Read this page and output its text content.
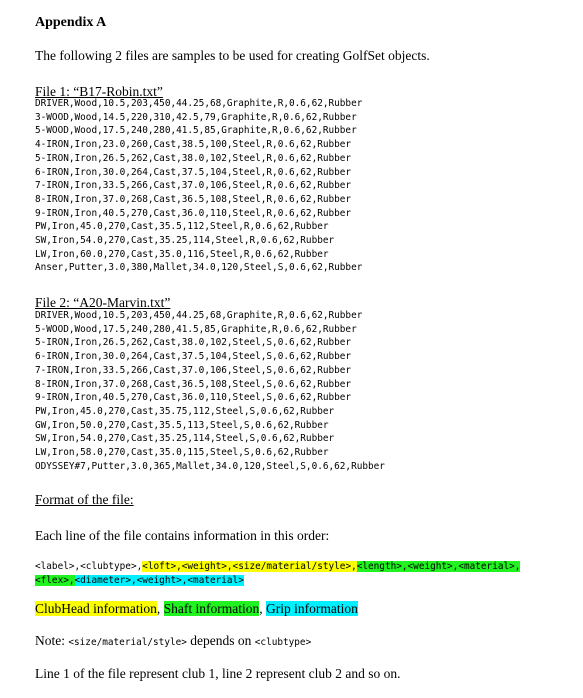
Appendix A
The following 2 files are samples to be used for creating GolfSet objects.
File 1: “B17-Robin.txt”
DRIVER,Wood,10.5,203,450,44.25,68,Graphite,R,0.6,62,Rubber
3-WOOD,Wood,14.5,220,310,42.5,79,Graphite,R,0.6,62,Rubber
5-WOOD,Wood,17.5,240,280,41.5,85,Graphite,R,0.6,62,Rubber
4-IRON,Iron,23.0,260,Cast,38.5,100,Steel,R,0.6,62,Rubber
5-IRON,Iron,26.5,262,Cast,38.0,102,Steel,R,0.6,62,Rubber
6-IRON,Iron,30.0,264,Cast,37.5,104,Steel,R,0.6,62,Rubber
7-IRON,Iron,33.5,266,Cast,37.0,106,Steel,R,0.6,62,Rubber
8-IRON,Iron,37.0,268,Cast,36.5,108,Steel,R,0.6,62,Rubber
9-IRON,Iron,40.5,270,Cast,36.0,110,Steel,R,0.6,62,Rubber
PW,Iron,45.0,270,Cast,35.5,112,Steel,R,0.6,62,Rubber
SW,Iron,54.0,270,Cast,35.25,114,Steel,R,0.6,62,Rubber
LW,Iron,60.0,270,Cast,35.0,116,Steel,R,0.6,62,Rubber
Anser,Putter,3.0,380,Mallet,34.0,120,Steel,S,0.6,62,Rubber
File 2: “A20-Marvin.txt”
DRIVER,Wood,10.5,203,450,44.25,68,Graphite,R,0.6,62,Rubber
5-WOOD,Wood,17.5,240,280,41.5,85,Graphite,R,0.6,62,Rubber
5-IRON,Iron,26.5,262,Cast,38.0,102,Steel,S,0.6,62,Rubber
6-IRON,Iron,30.0,264,Cast,37.5,104,Steel,S,0.6,62,Rubber
7-IRON,Iron,33.5,266,Cast,37.0,106,Steel,S,0.6,62,Rubber
8-IRON,Iron,37.0,268,Cast,36.5,108,Steel,S,0.6,62,Rubber
9-IRON,Iron,40.5,270,Cast,36.0,110,Steel,S,0.6,62,Rubber
PW,Iron,45.0,270,Cast,35.75,112,Steel,S,0.6,62,Rubber
GW,Iron,50.0,270,Cast,35.5,113,Steel,S,0.6,62,Rubber
SW,Iron,54.0,270,Cast,35.25,114,Steel,S,0.6,62,Rubber
LW,Iron,58.0,270,Cast,35.0,115,Steel,S,0.6,62,Rubber
ODYSSEY#7,Putter,3.0,365,Mallet,34.0,120,Steel,S,0.6,62,Rubber
Format of the file:
Each line of the file contains information in this order:
<label>,<clubtype>,<loft>,<weight>,<size/material/style>,<length>,<weight>,<material>,<flex>,<diameter>,<weight>,<material>
ClubHead information, Shaft information, Grip information
Note: <size/material/style> depends on <clubtype>
Line 1 of the file represent club 1, line 2 represent club 2 and so on.
